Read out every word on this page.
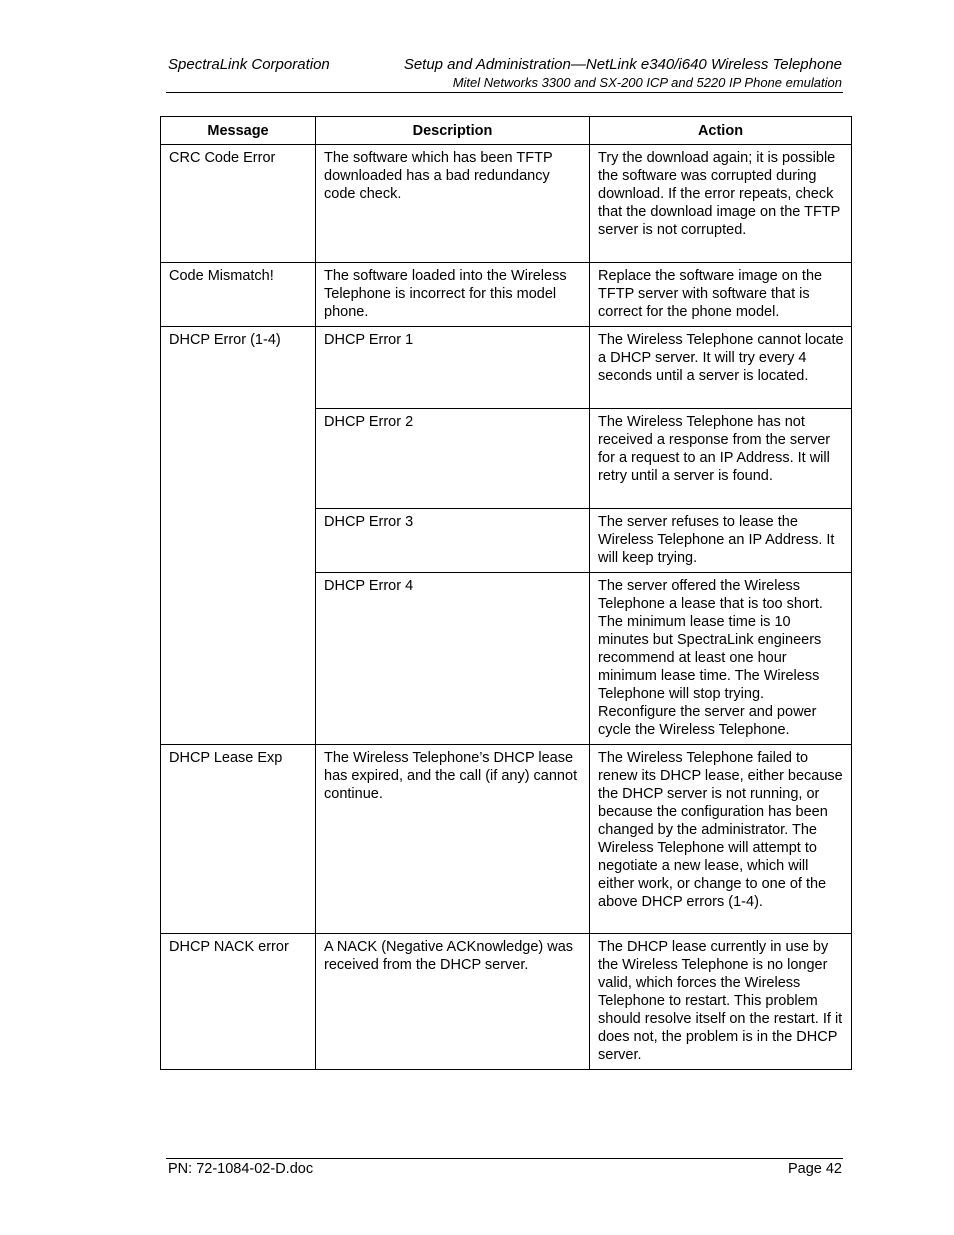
SpectraLink Corporation	Setup and Administration—NetLink e340/i640 Wireless Telephone
Mitel Networks 3300 and SX-200 ICP and 5220 IP Phone emulation
Message	Description	Action
CRC Code Error	The software which has been TFTP downloaded has a bad redundancy code check.	Try the download again; it is possible the software was corrupted during download. If the error repeats, check that the download image on the TFTP server is not corrupted.
Code Mismatch!	The software loaded into the Wireless Telephone is incorrect for this model phone.	Replace the software image on the TFTP server with software that is correct for the phone model.
DHCP Error (1-4)	DHCP Error 1	The Wireless Telephone cannot locate a DHCP server. It will try every 4 seconds until a server is located.
	DHCP Error 2	The Wireless Telephone has not received a response from the server for a request to an IP Address. It will retry until a server is found.
	DHCP Error 3	The server refuses to lease the Wireless Telephone an IP Address. It will keep trying.
	DHCP Error 4	The server offered the Wireless Telephone a lease that is too short. The minimum lease time is 10 minutes but SpectraLink engineers recommend at least one hour minimum lease time. The Wireless Telephone will stop trying. Reconfigure the server and power cycle the Wireless Telephone.
DHCP Lease Exp	The Wireless Telephone’s DHCP lease has expired, and the call (if any) cannot continue.	The Wireless Telephone failed to renew its DHCP lease, either because the DHCP server is not running, or because the configuration has been changed by the administrator. The Wireless Telephone will attempt to negotiate a new lease, which will either work, or change to one of the above DHCP errors (1-4).
DHCP NACK error	A NACK (Negative ACKnowledge) was received from the DHCP server.	The DHCP lease currently in use by the Wireless Telephone is no longer valid, which forces the Wireless Telephone to restart. This problem should resolve itself on the restart. If it does not, the problem is in the DHCP server.
PN: 72-1084-02-D.doc	Page 42
